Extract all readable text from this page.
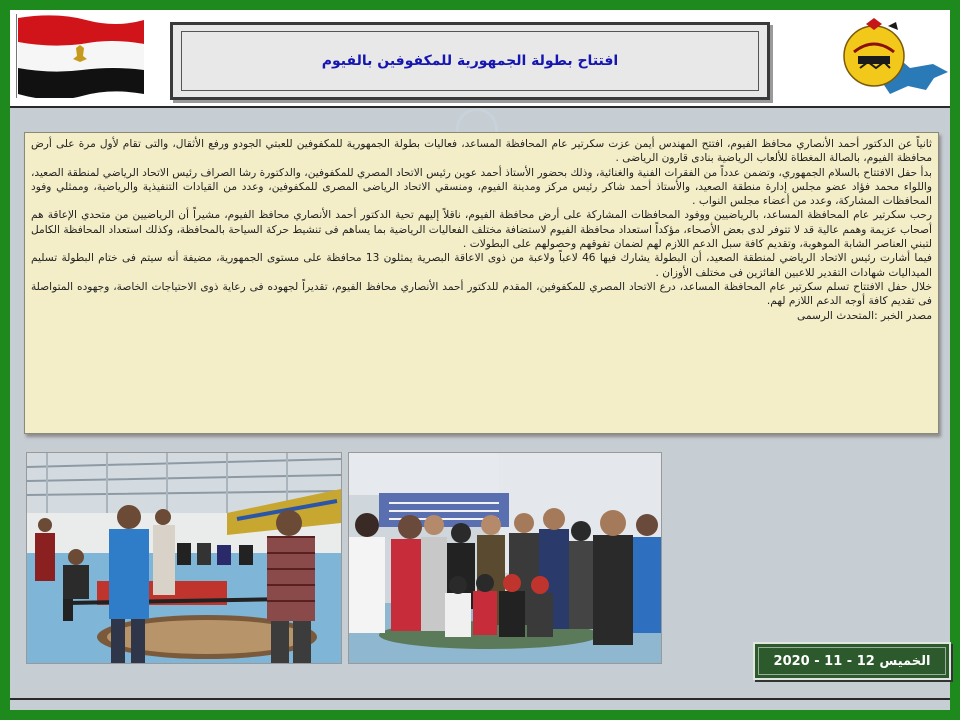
افتتاح بطولة الجمهورية للمكفوفين بالفيوم

ثانياً عن الدكتور أحمد الأنصاري محافظ الفيوم، افتتح المهندس أيمن عزت سكرتير عام المحافظة المساعد، فعاليات بطولة الجمهورية للمكفوفين للعبتي الجودو ورفع الأثقال، والتى تقام لأول مرة على أرض محافظة الفيوم، بالصالة المغطاة للألعاب الرياضية بنادى قارون الرياضى .

بدأ حفل الافتتاح بالسلام الجمهوري، وتضمن عدداً من الفقرات الفنية والغنائية، وذلك بحضور الأستاذ أحمد عوين رئيس الاتحاد المصري للمكفوفين، والدكتورة رشا الصراف رئيس الاتحاد الرياضي لمنطقة الصعيد، واللواء محمد فؤاد عضو مجلس إدارة منطقة الصعيد، والأستاذ أحمد شاكر رئيس مركز ومدينة الفيوم، ومنسقي الاتحاد الرياضى المصرى للمكفوفين، وعدد من القيادات التنفيذية والرياضية، وممثلي وفود المحافظات المشاركة، وعدد من أعضاء مجلس النواب .

رحب سكرتير عام المحافظة المساعد، بالرياضيين ووفود المحافظات المشاركة على أرض محافظة الفيوم، ناقلاً إليهم تحية الدكتور أحمد الأنصاري محافظ الفيوم، مشيراً أن الرياضيين من متحدي الإعاقة هم أصحاب عزيمة وهمم عالية قد لا تتوفر لدى بعض الأصحاء، مؤكداً استعداد محافظة الفيوم لاستضافة مختلف الفعاليات الرياضية بما يساهم فى تنشيط حركة السياحة بالمحافظة، وكذلك استعداد المحافظة الكامل لتبني العناصر الشابة الموهوبة، وتقديم كافة سبل الدعم اللازم لهم لضمان تفوقهم وحصولهم على البطولات .

فيما أشارت رئيس الاتحاد الرياضي لمنطقة الصعيد، أن البطولة يشارك فيها 46 لاعباً ولاعبة من ذوى الاعاقة البصرية يمثلون 13 محافظة على مستوى الجمهورية، مضيفة أنه سيتم فى ختام البطولة تسليم الميداليات شهادات التقدير للاعبين الفائزين فى مختلف الأوزان .

خلال حفل الافتتاح تسلم سكرتير عام المحافظة المساعد، درع الاتحاد المصري للمكفوفين، المقدم للدكتور أحمد الأنصاري محافظ الفيوم، تقديراً لجهوده فى رعاية ذوى الاحتياجات الخاصة، وجهوده المتواصلة فى تقديم كافة أوجه الدعم اللازم لهم.

مصدر الخبر :المتحدث الرسمى

الخميس 12 - 11 - 2020
